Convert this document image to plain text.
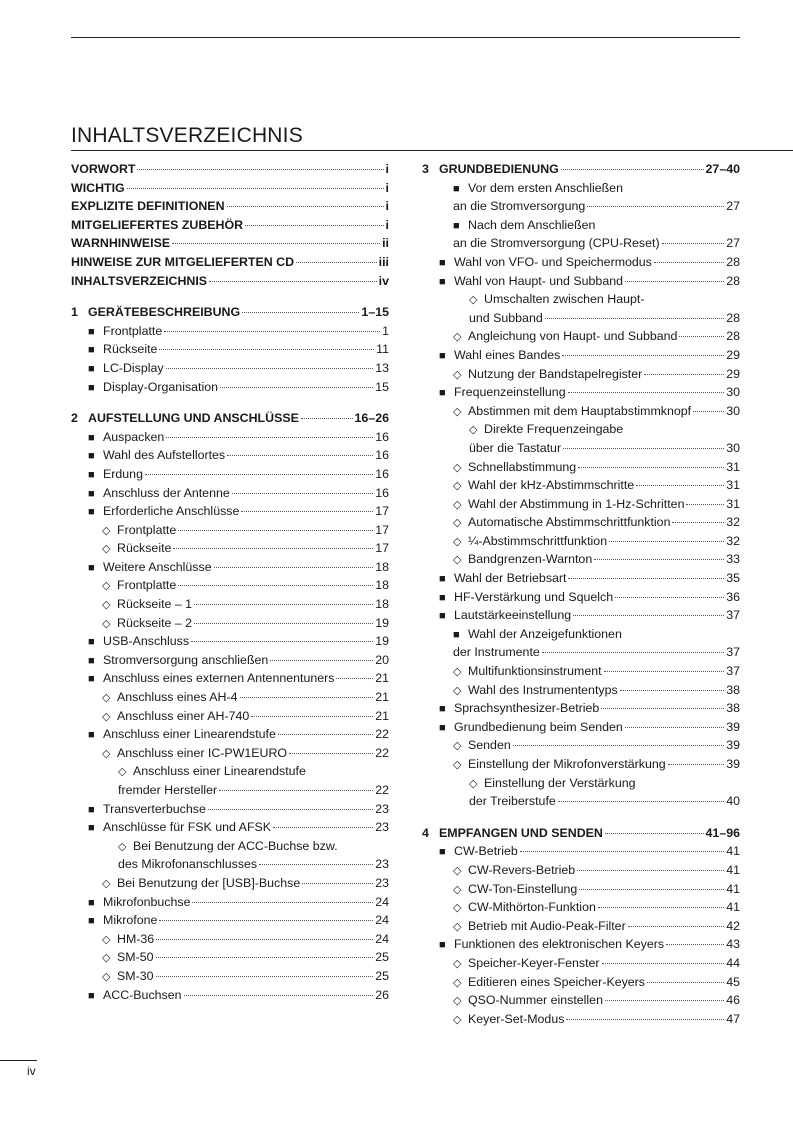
INHALTSVERZEICHNIS
VORWORT	i
WICHTIG	i
EXPLIZITE DEFINITIONEN	i
MITGELIEFERTES ZUBEHÖR	i
WARNHINWEISE	ii
HINWEISE ZUR MITGELIEFERTEN CD	iii
INHALTSVERZEICHNIS	iv
1 GERÄTEBESCHREIBUNG	1–15
■Frontplatte	1
■Rückseite	11
■LC-Display	13
■Display-Organisation	15
2 AUFSTELLUNG UND ANSCHLÜSSE	16–26
■Auspacken	16
■Wahl des Aufstellortes	16
■Erdung	16
■Anschluss der Antenne	16
■Erforderliche Anschlüsse	17
◇Frontplatte	17
◇Rückseite	17
■Weitere Anschlüsse	18
◇Frontplatte	18
◇Rückseite – 1	18
◇Rückseite – 2	19
■USB-Anschluss	19
■Stromversorgung anschließen	20
■Anschluss eines externen Antennentuners	21
◇Anschluss eines AH-4	21
◇Anschluss einer AH-740	21
■Anschluss einer Linearendstufe	22
◇Anschluss einer IC-PW1EURO	22
◇Anschluss einer Linearendstufe
fremder Hersteller	22
■Transverterbuchse	23
■Anschlüsse für FSK und AFSK	23
◇Bei Benutzung der ACC-Buchse bzw.
des Mikrofonanschlusses	23
◇Bei Benutzung der [USB]-Buchse	23
■Mikrofonbuchse	24
■Mikrofone	24
◇HM-36	24
◇SM-50	25
◇SM-30	25
■ACC-Buchsen	26
3 GRUNDBEDIENUNG	27–40
■Vor dem ersten Anschließen
an die Stromversorgung	27
■Nach dem Anschließen
an die Stromversorgung (CPU-Reset)	27
■Wahl von VFO- und Speichermodus	28
■Wahl von Haupt- und Subband	28
◇Umschalten zwischen Haupt-
und Subband	28
◇Angleichung von Haupt- und Subband	28
■Wahl eines Bandes	29
◇Nutzung der Bandstapelregister	29
■Frequenzeinstellung	30
◇Abstimmen mit dem Hauptabstimmknopf	30
◇Direkte Frequenzeingabe
über die Tastatur	30
◇Schnellabstimmung	31
◇Wahl der kHz-Abstimmschritte	31
◇Wahl der Abstimmung in 1-Hz-Schritten	31
◇Automatische Abstimmschrittfunktion	32
◇¼-Abstimmschrittfunktion	32
◇Bandgrenzen-Warnton	33
■Wahl der Betriebsart	35
■HF-Verstärkung und Squelch	36
■Lautstärkeeinstellung	37
■Wahl der Anzeigefunktionen
der Instrumente	37
◇Multifunktionsinstrument	37
◇Wahl des Instrumententyps	38
■Sprachsynthesizer-Betrieb	38
■Grundbedienung beim Senden	39
◇Senden	39
◇Einstellung der Mikrofonverstärkung	39
◇Einstellung der Verstärkung
der Treiberstufe	40
4 EMPFANGEN UND SENDEN	41–96
■CW-Betrieb	41
◇CW-Revers-Betrieb	41
◇CW-Ton-Einstellung	41
◇CW-Mithörton-Funktion	41
◇Betrieb mit Audio-Peak-Filter	42
■Funktionen des elektronischen Keyers	43
◇Speicher-Keyer-Fenster	44
◇Editieren eines Speicher-Keyers	45
◇QSO-Nummer einstellen	46
◇Keyer-Set-Modus	47
iv
